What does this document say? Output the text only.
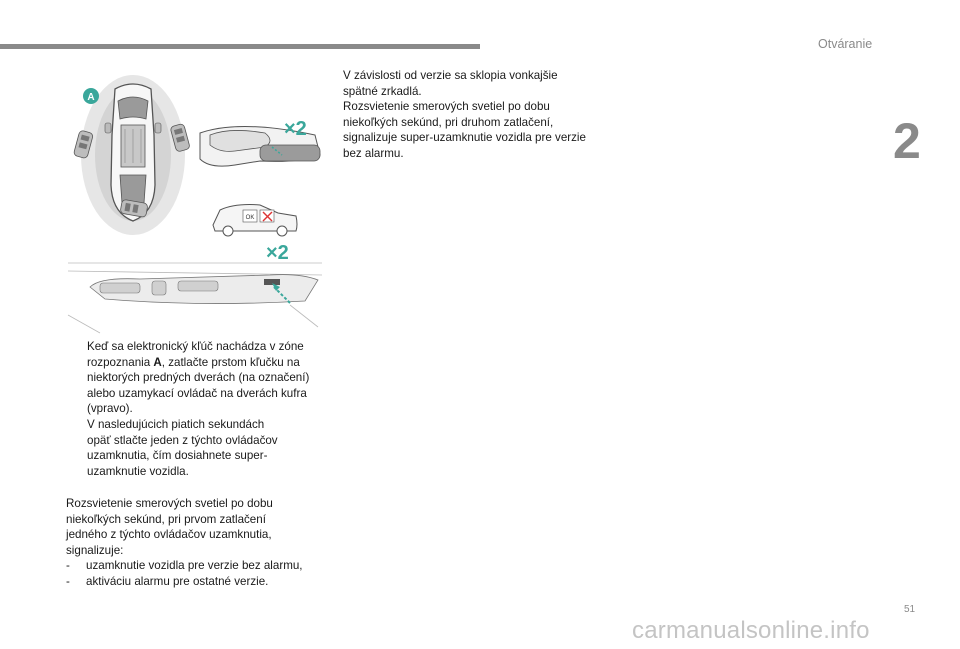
Otváranie
2
A
×2
OK
×2
V závislosti od verzie sa sklopia vonkajšie
spätné zrkadlá.
Rozsvietenie smerových svetiel po dobu
niekoľkých sekúnd, pri druhom zatlačení,
signalizuje super-uzamknutie vozidla pre verzie
bez alarmu.
Keď sa elektronický kľúč nachádza v zóne
rozpoznania A, zatlačte prstom kľučku na
niektorých predných dverách (na označení)
alebo uzamykací ovládač na dverách kufra
(vpravo).
V nasledujúcich piatich sekundách
opäť stlačte jeden z týchto ovládačov
uzamknutia, čím dosiahnete super-
uzamknutie vozidla.
Rozsvietenie smerových svetiel po dobu
niekoľkých sekúnd, pri prvom zatlačení
jedného z týchto ovládačov uzamknutia,
signalizuje:
- uzamknutie vozidla pre verzie bez alarmu,
- aktiváciu alarmu pre ostatné verzie.
51
carmanualsonline.info
